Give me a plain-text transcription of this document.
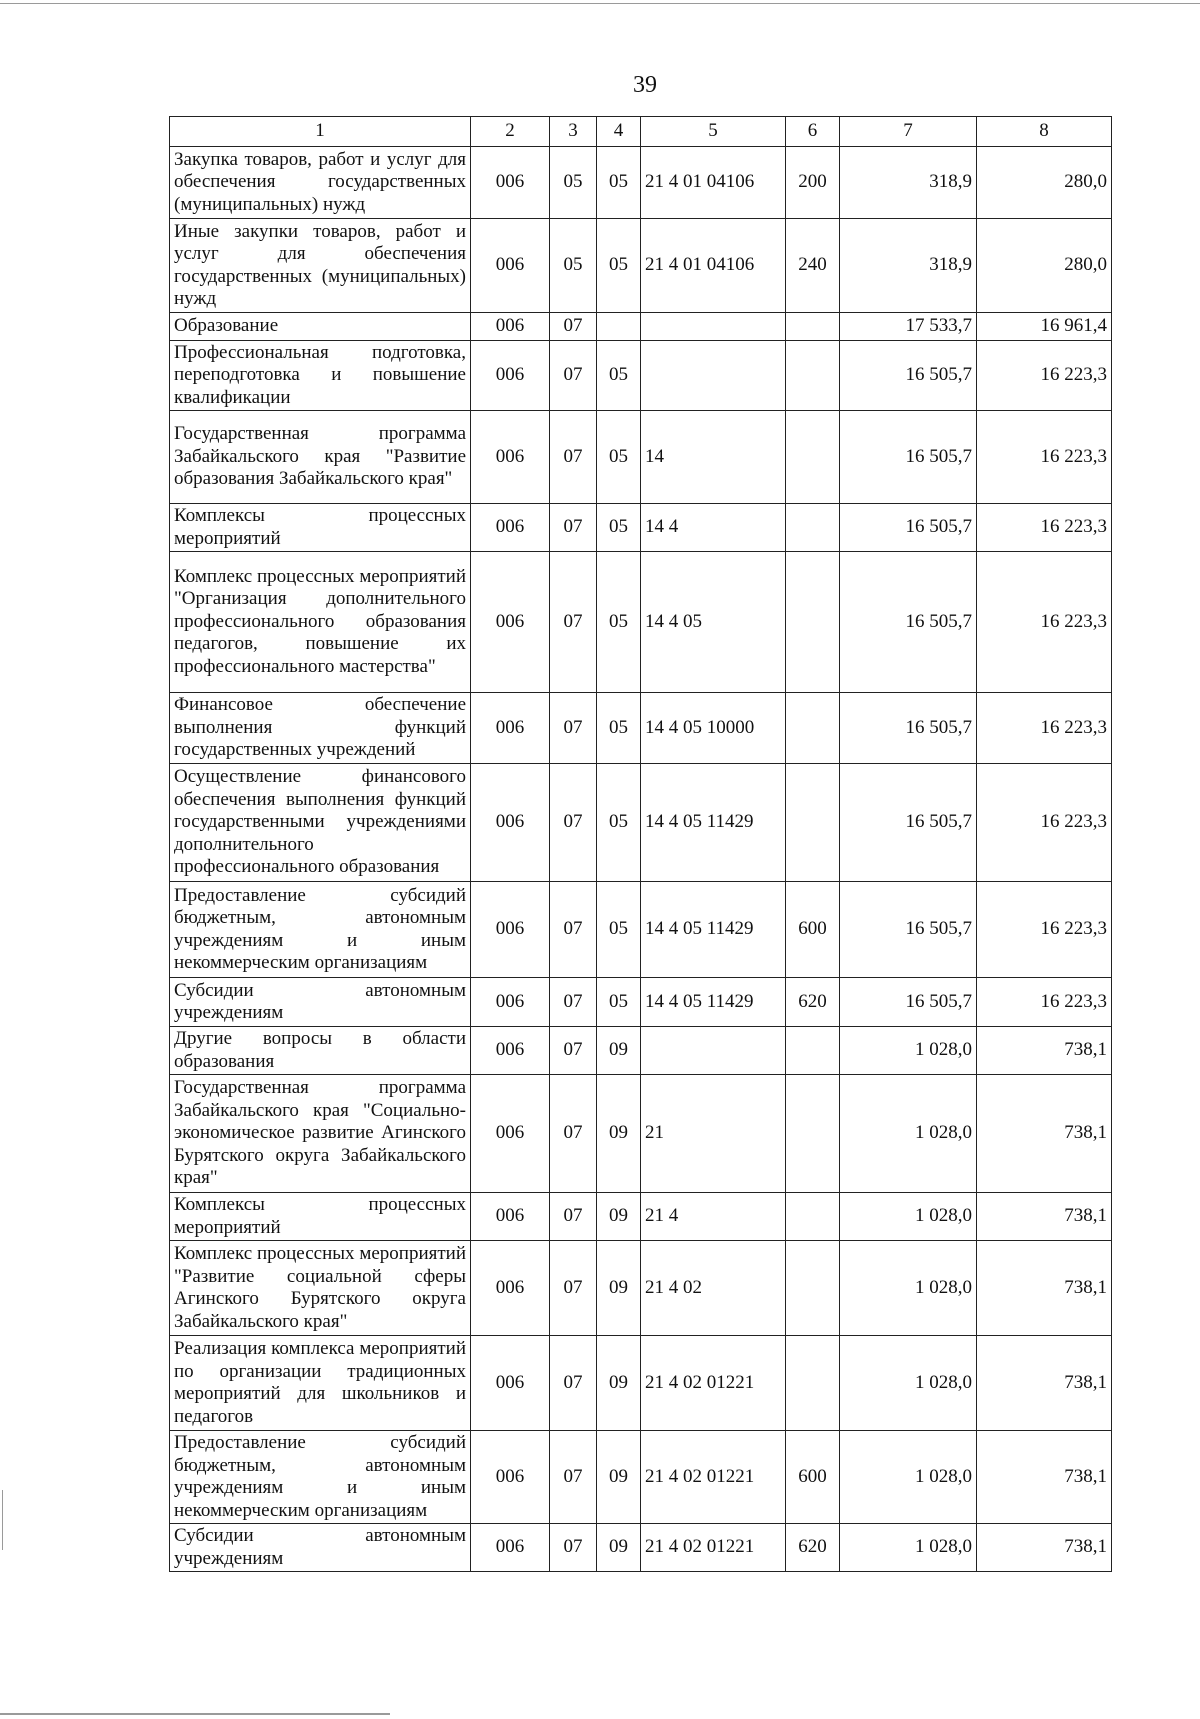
39
1	2	3	4	5	6	7	8
Закупка товаров, работ и услуг для обеспечения государственных (муниципальных) нужд	006	05	05	21 4 01 04106	200	318,9	280,0
Иные закупки товаров, работ и услуг для обеспечения государственных (муниципальных) нужд	006	05	05	21 4 01 04106	240	318,9	280,0
Образование	006	07				17 533,7	16 961,4
Профессиональная подготовка, переподготовка и повышение квалификации	006	07	05			16 505,7	16 223,3
Государственная программа Забайкальского края "Развитие образования Забайкальского края"	006	07	05	14		16 505,7	16 223,3
Комплексы процессных мероприятий	006	07	05	14 4		16 505,7	16 223,3
Комплекс процессных мероприятий "Организация дополнительного профессионального образования педагогов, повышение их профессионального мастерства"	006	07	05	14 4 05		16 505,7	16 223,3
Финансовое обеспечение выполнения функций государственных учреждений	006	07	05	14 4 05 10000		16 505,7	16 223,3
Осуществление финансового обеспечения выполнения функций государственными учреждениями дополнительного профессионального образования	006	07	05	14 4 05 11429		16 505,7	16 223,3
Предоставление субсидий бюджетным, автономным учреждениям и иным некоммерческим организациям	006	07	05	14 4 05 11429	600	16 505,7	16 223,3
Субсидии автономным учреждениям	006	07	05	14 4 05 11429	620	16 505,7	16 223,3
Другие вопросы в области образования	006	07	09			1 028,0	738,1
Государственная программа Забайкальского края "Социально-экономическое развитие Агинского Бурятского округа Забайкальского края"	006	07	09	21		1 028,0	738,1
Комплексы процессных мероприятий	006	07	09	21 4		1 028,0	738,1
Комплекс процессных мероприятий "Развитие социальной сферы Агинского Бурятского округа Забайкальского края"	006	07	09	21 4 02		1 028,0	738,1
Реализация комплекса мероприятий по организации традиционных мероприятий для школьников и педагогов	006	07	09	21 4 02 01221		1 028,0	738,1
Предоставление субсидий бюджетным, автономным учреждениям и иным некоммерческим организациям	006	07	09	21 4 02 01221	600	1 028,0	738,1
Субсидии автономным учреждениям	006	07	09	21 4 02 01221	620	1 028,0	738,1
